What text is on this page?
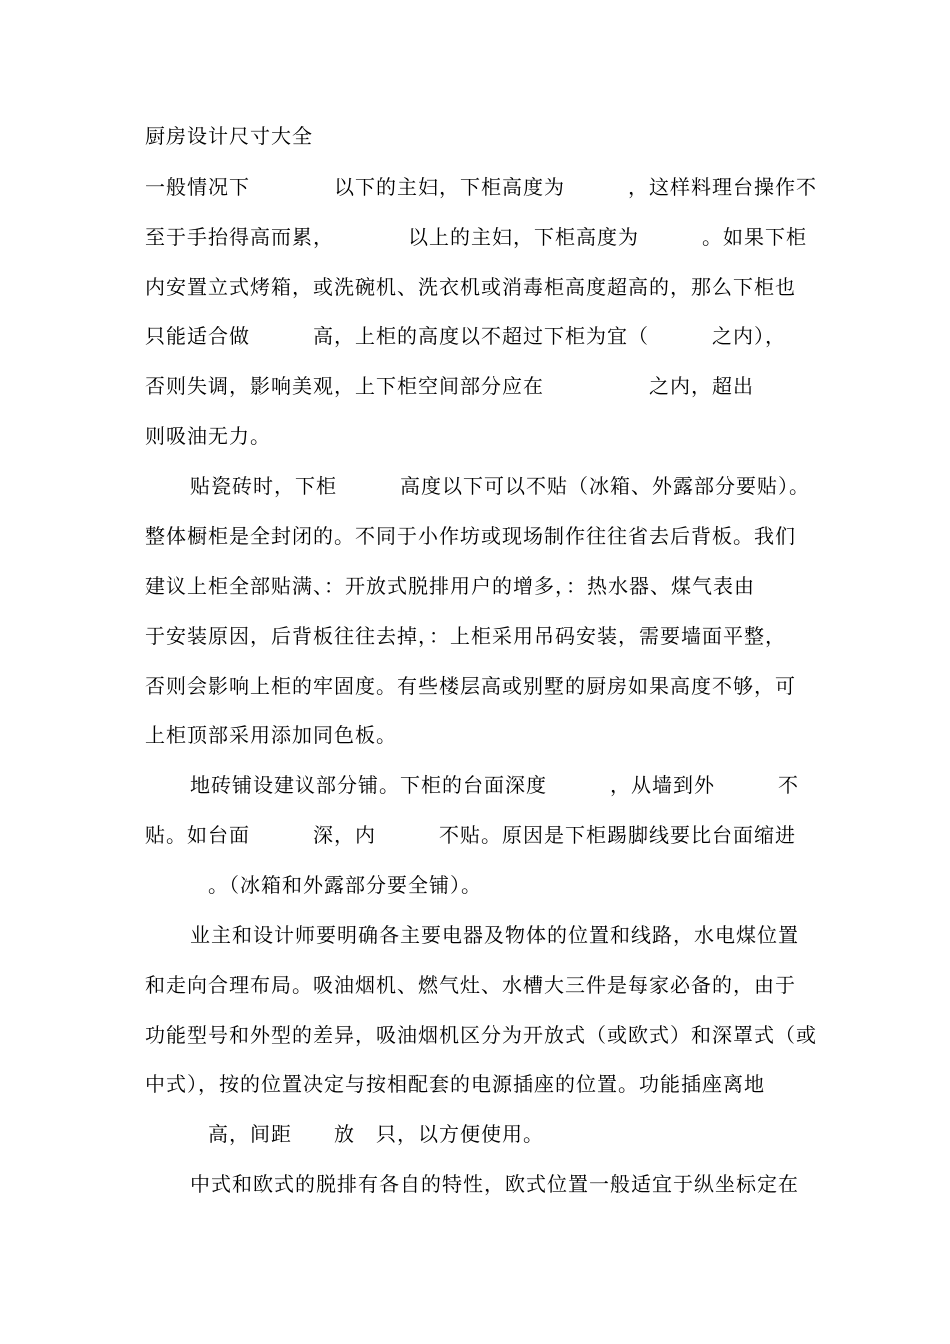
厨房设计尺寸大全
一般情况下　　　　以下的主妇，下柜高度为　　　，这样料理台操作不
至于手抬得高而累，　　　　以上的主妇，下柜高度为　　　。如果下柜
内安置立式烤箱，或洗碗机、洗衣机或消毒柜高度超高的，那么下柜也
只能适合做　　　高，上柜的高度以不超过下柜为宜（　　　之内），
否则失调，影响美观，上下柜空间部分应在　　　　　之内，超出
则吸油无力。
贴瓷砖时，下柜　　　高度以下可以不贴（冰箱、外露部分要贴）。
整体橱柜是全封闭的。不同于小作坊或现场制作往往省去后背板。我们
建议上柜全部贴满、：开放式脱排用户的增多，：热水器、煤气表由
于安装原因，后背板往往去掉，：上柜采用吊码安装，需要墙面平整，
否则会影响上柜的牢固度。有些楼层高或别墅的厨房如果高度不够，可
上柜顶部采用添加同色板。
地砖铺设建议部分铺。下柜的台面深度　　　，从墙到外　　　不
贴。如台面　　　深，内　　　不贴。原因是下柜踢脚线要比台面缩进
　　　。（冰箱和外露部分要全铺）。
业主和设计师要明确各主要电器及物体的位置和线路，水电煤位置
和走向合理布局。吸油烟机、燃气灶、水槽大三件是每家必备的，由于
功能型号和外型的差异，吸油烟机区分为开放式（或欧式）和深罩式（或
中式），按的位置决定与按相配套的电源插座的位置。功能插座离地
　　　高，间距　　放　只，以方便使用。
中式和欧式的脱排有各自的特性，欧式位置一般适宜于纵坐标定在
